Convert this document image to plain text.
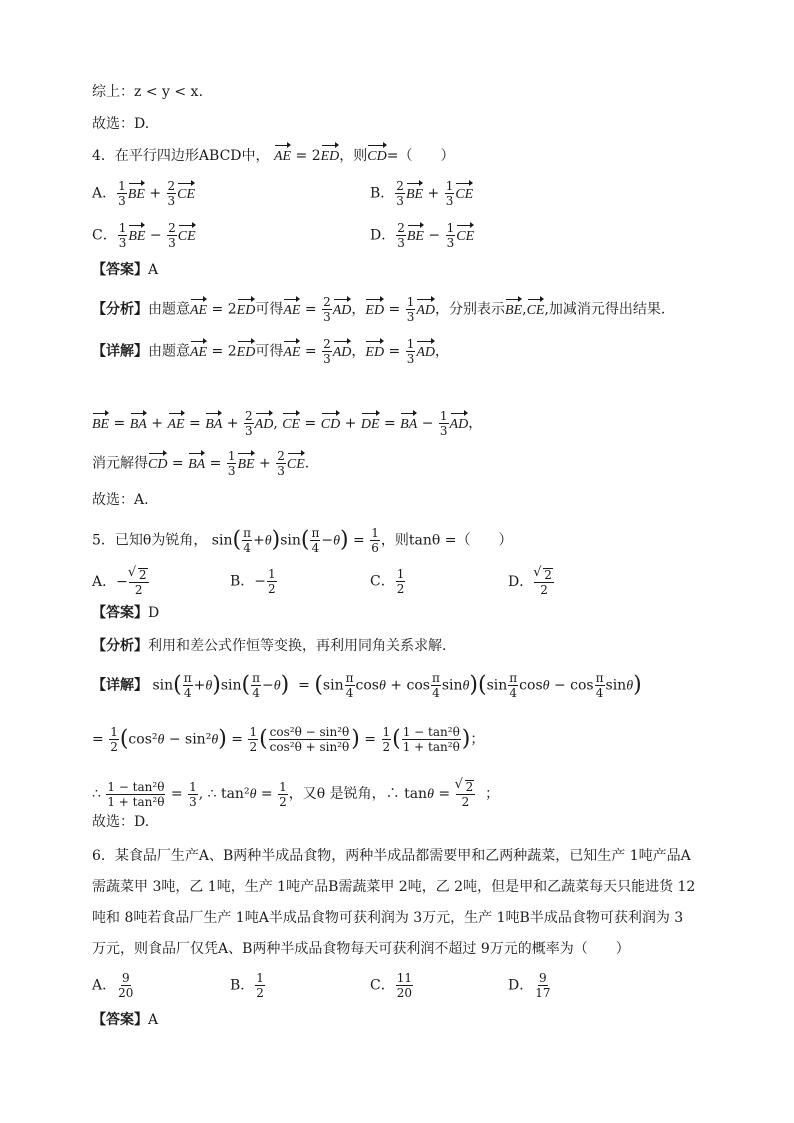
综上：z < y < x.
故选：D.
4．在平行四边形ABCD中， AE = 2ED，则CD=（　　）
A． $\frac{1}{3}$ BE + $\frac{2}{3}$ CE	B． $\frac{2}{3}$ BE + $\frac{1}{3}$ CE
C． $\frac{1}{3}$ BE − $\frac{2}{3}$ CE	D． $\frac{2}{3}$ BE − $\frac{1}{3}$ CE
【答案】A
【分析】由题意AE = 2ED可得AE = $\frac{2}{3}$ AD，ED = $\frac{1}{3}$ AD，分别表示BE,CE,加减消元得出结果.
【详解】由题意AE = 2ED可得AE = $\frac{2}{3}$ AD，ED = $\frac{1}{3}$ AD，
BE = BA + AE = BA + $\frac{2}{3}$ AD, CE = CD + DE = BA − $\frac{1}{3}$ AD，
消元解得CD = BA = $\frac{1}{3}$ BE + $\frac{2}{3}$ CE.
故选：A.
5．已知θ为锐角， $\sin( \frac{\pi}{4} +\theta)\sin( \frac{\pi}{4} -\theta) = \frac{1}{6}$ ，则tanθ =（　　）
A．− √ $\frac{2}{2}$	B．− $\frac{1}{2}$	C． $\frac{1}{2}$	D． √ $\frac{2}{2}$
【答案】D
【分析】利用和差公式作恒等变换，再利用同角关系求解.
【详解】 $\sin( \frac{\pi}{4} +\theta)\sin( \frac{\pi}{4} -\theta) = (\sin \frac{\pi}{4}$ $\cos\theta + \cos \frac{\pi}{4} \sin\theta)(\sin \frac{\pi}{4}$ $\cos\theta - \cos \frac{\pi}{4} \sin\theta$)
= $\frac{1}{2} (\cos^2\theta - \sin^2\theta) = \frac{1}{2}$ ( $\frac{\text{cos²θ − sin²θ}}{\text{cos²θ + sin²θ}}$ ) = $\frac{1}{2}$ ( $\frac{\text{1 − tan²θ}}{\text{1 + tan²θ}}$ )；
∴ $\frac{\text{1 − tan²θ}}{\text{1 + tan²θ}} = \frac{1}{3}$ , ∴ $\tan^2\theta = \frac{1}{2}$ ，又θ 是锐角，∴ tanθ = √ $\frac{2}{2}$ ；
故选：D.
6．某食品厂生产A、B两种半成品食物，两种半成品都需要甲和乙两种蔬菜，已知生产 1吨产品A
需蔬菜甲 3吨，乙 1吨，生产 1吨产品B需蔬菜甲 2吨，乙 2吨，但是甲和乙蔬菜每天只能进货 12
吨和 8吨若食品厂生产 1吨A半成品食物可获利润为 3万元，生产 1吨B半成品食物可获利润为 3
万元，则食品厂仅凭A、B两种半成品食物每天可获利润不超过 9万元的概率为（　　）
A． $\frac{9}{20}$	B． $\frac{1}{2}$	C． $\frac{11}{20}$	D． $\frac{9}{17}$
【答案】A
